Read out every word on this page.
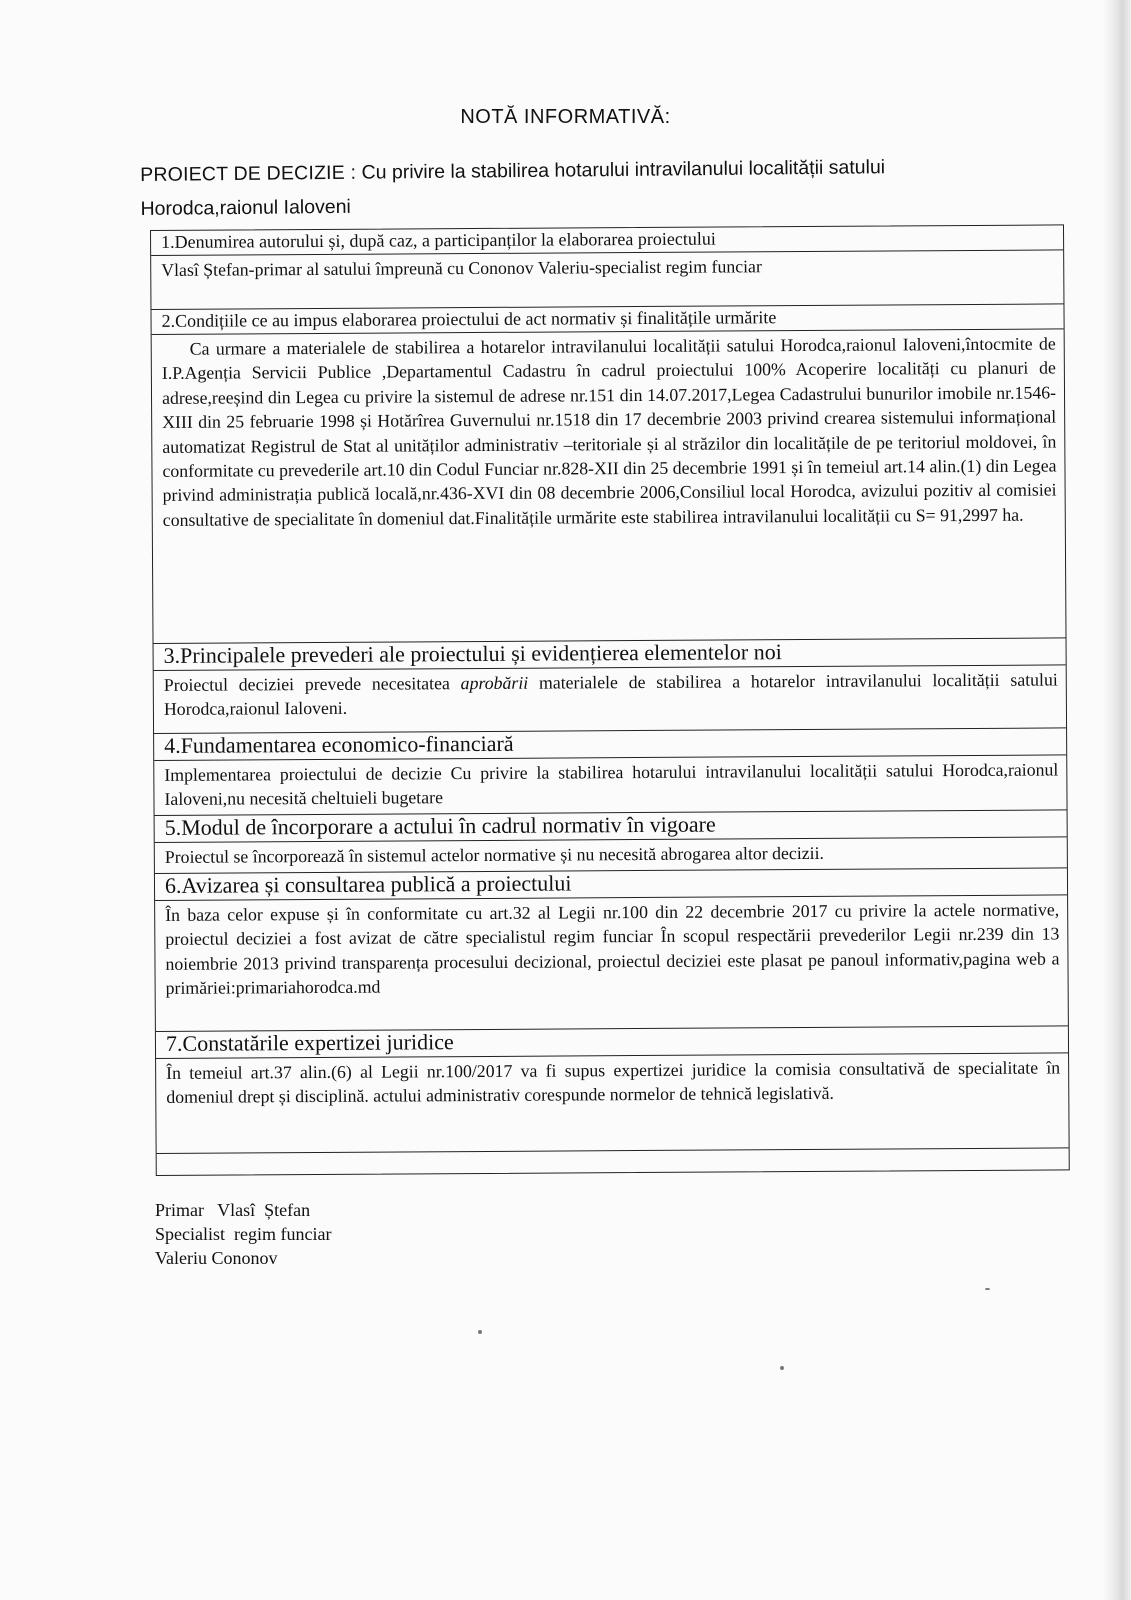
NOTĂ INFORMATIVĂ:

PROIECT DE DECIZIE : Cu privire la stabilirea hotarului intravilanului localității satului Horodca,raionul Ialoveni

1.Denumirea autorului și, după caz, a participanților la elaborarea proiectului
Vlasî Ștefan-primar al satului împreună cu Cononov Valeriu-specialist regim funciar
2.Condițiile ce au impus elaborarea proiectului de act normativ și finalitățile urmărite
Ca urmare a materialele de stabilirea a hotarelor intravilanului localității satului Horodca,raionul Ialoveni,întocmite de I.P.Agenția Servicii Publice ,Departamentul Cadastru în cadrul proiectului 100% Acoperire localități cu planuri de adrese,reeșind din Legea cu privire la sistemul de adrese nr.151 din 14.07.2017,Legea Cadastrului bunurilor imobile nr.1546-XIII din 25 februarie 1998 și Hotărîrea Guvernului nr.1518 din 17 decembrie 2003 privind crearea sistemului informațional automatizat Registrul de Stat al unităților administrativ –teritoriale și al străzilor din localitățile de pe teritoriul moldovei, în conformitate cu prevederile art.10 din Codul Funciar nr.828-XII din 25 decembrie 1991 și în temeiul art.14 alin.(1) din Legea privind administrația publică locală,nr.436-XVI din 08 decembrie 2006,Consiliul local Horodca, avizului pozitiv al comisiei consultative de specialitate în domeniul dat.Finalitățile urmărite este stabilirea intravilanului localității cu S= 91,2997 ha.
3.Principalele prevederi ale proiectului și evidențierea elementelor noi
Proiectul deciziei prevede necesitatea aprobării materialele de stabilirea a hotarelor intravilanului localității satului Horodca,raionul Ialoveni.
4.Fundamentarea economico-financiară
Implementarea proiectului de decizie Cu privire la stabilirea hotarului intravilanului localității satului Horodca,raionul Ialoveni,nu necesită cheltuieli bugetare
5.Modul de încorporare a actului în cadrul normativ în vigoare
Proiectul se încorporează în sistemul actelor normative și nu necesită abrogarea altor decizii.
6.Avizarea și consultarea publică a proiectului
În baza celor expuse și în conformitate cu art.32 al Legii nr.100 din 22 decembrie 2017 cu privire la actele normative, proiectul deciziei a fost avizat de către specialistul regim funciar În scopul respectării prevederilor Legii nr.239 din 13 noiembrie 2013 privind transparența procesului decizional, proiectul deciziei este plasat pe panoul informativ,pagina web a primăriei:primariahorodca.md
7.Constatările expertizei juridice
În temeiul art.37 alin.(6) al Legii nr.100/2017 va fi supus expertizei juridice la comisia consultativă de specialitate în domeniul drept și disciplină. actului administrativ corespunde normelor de tehnică legislativă.
Primar   Vlasî  Ștefan
Specialist  regim funciar
Valeriu Cononov
